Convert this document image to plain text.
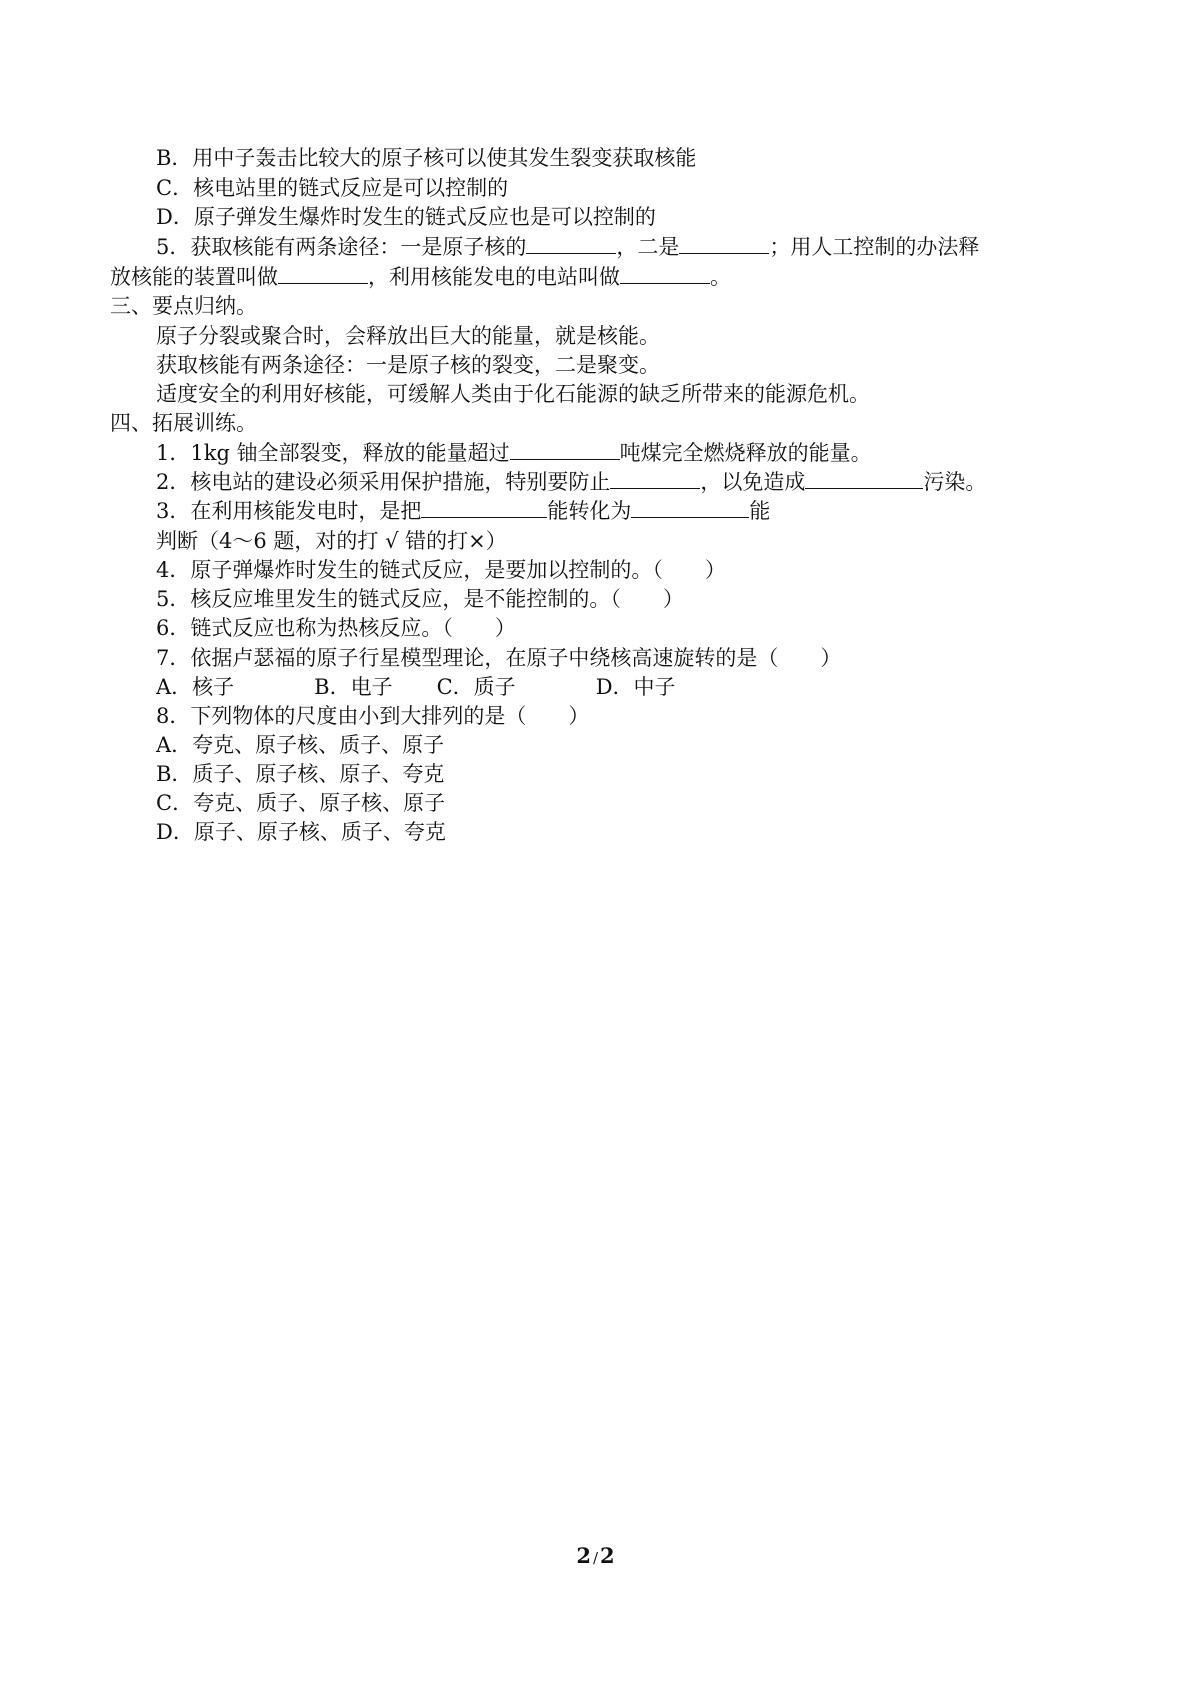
B．用中子轰击比较大的原子核可以使其发生裂变获取核能
C．核电站里的链式反应是可以控制的
D．原子弹发生爆炸时发生的链式反应也是可以控制的
5．获取核能有两条途径：一是原子核的	，二是	；用人工控制的办法释
放核能的装置叫做	，利用核能发电的电站叫做	。
三、要点归纳。
原子分裂或聚合时，会释放出巨大的能量，就是核能。
获取核能有两条途径：一是原子核的裂变，二是聚变。
适度安全的利用好核能，可缓解人类由于化石能源的缺乏所带来的能源危机。
四、拓展训练。
1．1kg 铀全部裂变，释放的能量超过	吨煤完全燃烧释放的能量。
2．核电站的建设必须采用保护措施，特别要防止	，以免造成	污染。
3．在利用核能发电时，是把	能转化为	能
判断（4～6 题，对的打 √ 错的打×）
4．原子弹爆炸时发生的链式反应，是要加以控制的。（　　）
5．核反应堆里发生的链式反应，是不能控制的。（　　）
6．链式反应也称为热核反应。（　　）
7．依据卢瑟福的原子行星模型理论，在原子中绕核高速旋转的是（　　）
A．核子	B．电子 C．质子	D．中子
8．下列物体的尺度由小到大排列的是（　　）
A．夸克、原子核、质子、原子
B．质子、原子核、原子、夸克
C．夸克、质子、原子核、原子
D．原子、原子核、质子、夸克
2 /2
